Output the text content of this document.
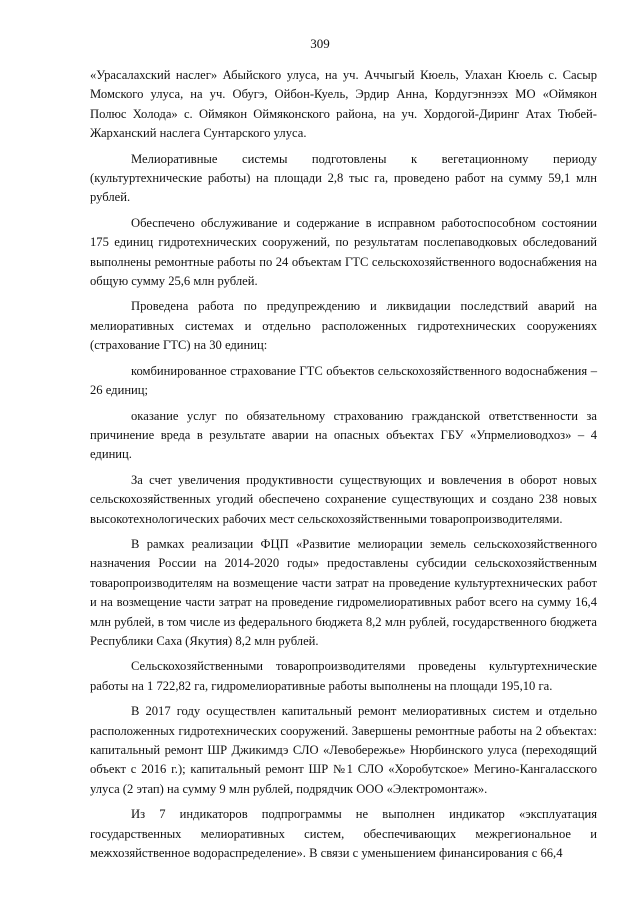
309

«Урасалахский наслег» Абыйского улуса, на уч. Аччыгый Кюель, Улахан Кюель с. Сасыр Момского улуса, на уч. Обугэ, Ойбон-Куель, Эрдир Анна, Кордугэннээх МО «Оймякон Полюс Холода» с. Оймякон Оймяконского района, на уч. Хордогой-Диринг Атах Тюбей-Жарханский наслега Сунтарского улуса.

Мелиоративные системы подготовлены к вегетационному периоду (культуртехнические работы) на площади 2,8 тыс га, проведено работ на сумму 59,1 млн рублей.

Обеспечено обслуживание и содержание в исправном работоспособном состоянии 175 единиц гидротехнических сооружений, по результатам послепаводковых обследований выполнены ремонтные работы по 24 объектам ГТС сельскохозяйственного водоснабжения на общую сумму 25,6 млн рублей.

Проведена работа по предупреждению и ликвидации последствий аварий на мелиоративных системах и отдельно расположенных гидротехнических сооружениях (страхование ГТС) на 30 единиц:

комбинированное страхование ГТС объектов сельскохозяйственного водоснабжения – 26 единиц;

оказание услуг по обязательному страхованию гражданской ответственности за причинение вреда в результате аварии на опасных объектах ГБУ «Упрмелиоводхоз» – 4 единиц.

За счет увеличения продуктивности существующих и вовлечения в оборот новых сельскохозяйственных угодий обеспечено сохранение существующих и создано 238 новых высокотехнологических рабочих мест сельскохозяйственными товаропроизводителями.

В рамках реализации ФЦП «Развитие мелиорации земель сельскохозяйственного назначения России на 2014-2020 годы» предоставлены субсидии сельскохозяйственным товаропроизводителям на возмещение части затрат на проведение культуртехнических работ и на возмещение части затрат на проведение гидромелиоративных работ всего на сумму 16,4 млн рублей, в том числе из федерального бюджета 8,2 млн рублей, государственного бюджета Республики Саха (Якутия) 8,2 млн рублей.

Сельскохозяйственными товаропроизводителями проведены культуртехнические работы на 1 722,82 га, гидромелиоративные работы выполнены на площади 195,10 га.

В 2017 году осуществлен капитальный ремонт мелиоративных систем и отдельно расположенных гидротехнических сооружений. Завершены ремонтные работы на 2 объектах: капитальный ремонт ШР Джикимдэ СЛО «Левобережье» Нюрбинского улуса (переходящий объект с 2016 г.); капитальный ремонт ШР №1 СЛО «Хоробутское» Мегино-Кангаласского улуса (2 этап) на сумму 9 млн рублей, подрядчик ООО «Электромонтаж».

Из 7 индикаторов подпрограммы не выполнен индикатор «эксплуатация государственных мелиоративных систем, обеспечивающих межрегиональное и межхозяйственное водораспределение». В связи с уменьшением финансирования с 66,4
